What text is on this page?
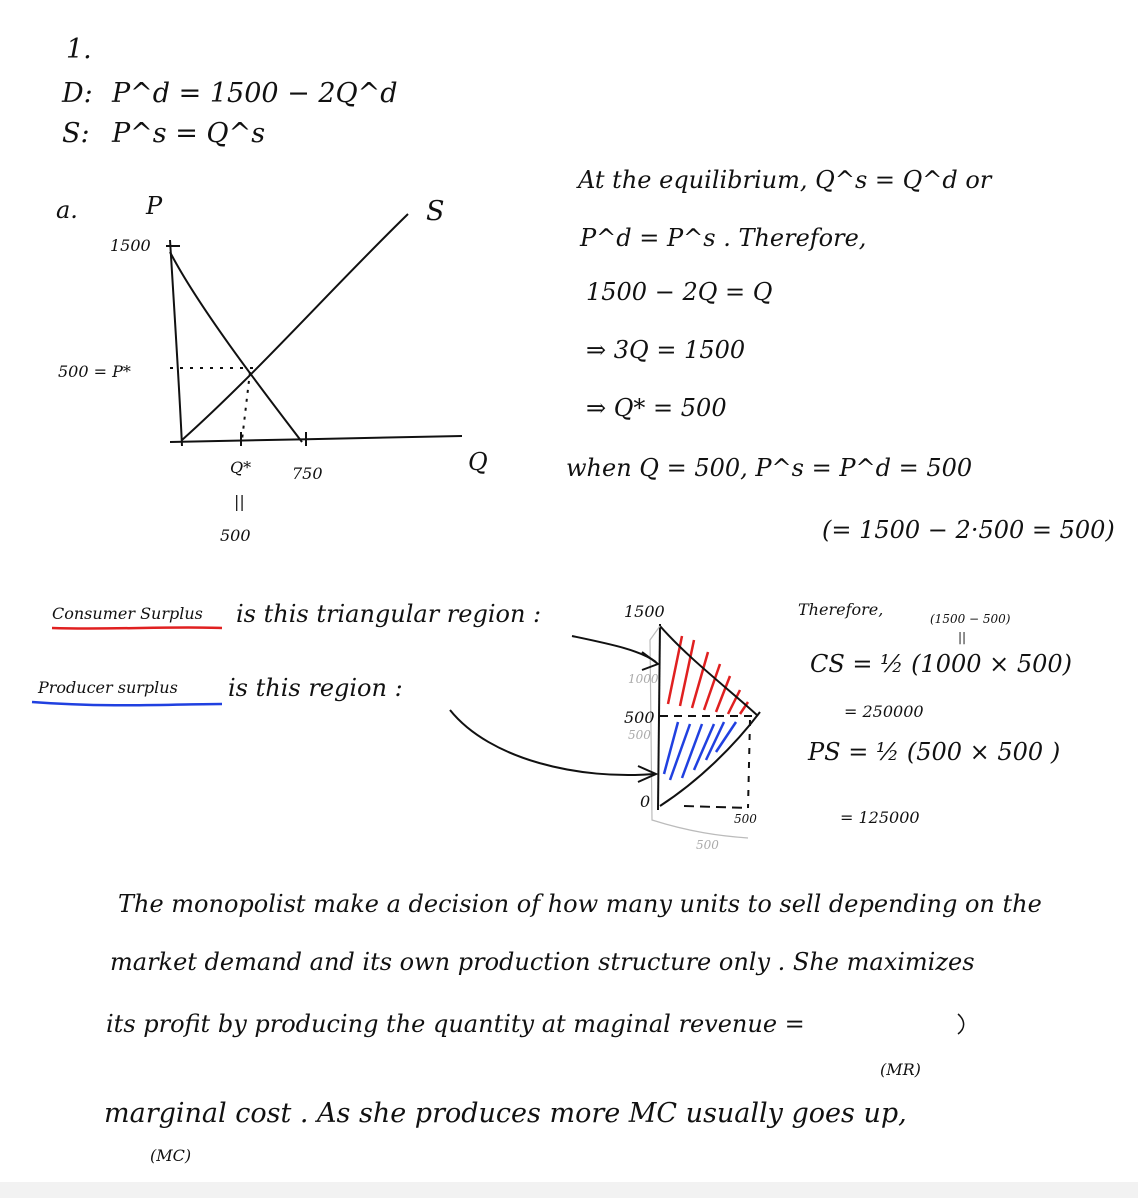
1.
D: P^d = 1500 − 2Q^d
S: P^s = Q^s
a.	P
1500
500 = P*
S
Q
Q*
||
500
750
At the equilibrium, Q^s = Q^d or
P^d = P^s . Therefore,
1500 − 2Q = Q
⇒ 3Q = 1500
⇒ Q* = 500
when Q = 500, P^s = P^d = 500
(= 1500 − 2·500 = 500)
Consumer Surplus is this triangular region :
Producer surplus is this region :
1500
1000
500
500
0
500
500
Therefore,	(1500 − 500)
||
CS = ½ (1000 × 500)
= 250000
PS = ½ (500 × 500 )
= 125000
The monopolist make a decision of how many units to sell depending on the
market demand and its own production structure only . She maximizes
its profit by producing the quantity at maginal revenue =
(MR)
marginal cost . As she produces more MC usually goes up,
(MC)
